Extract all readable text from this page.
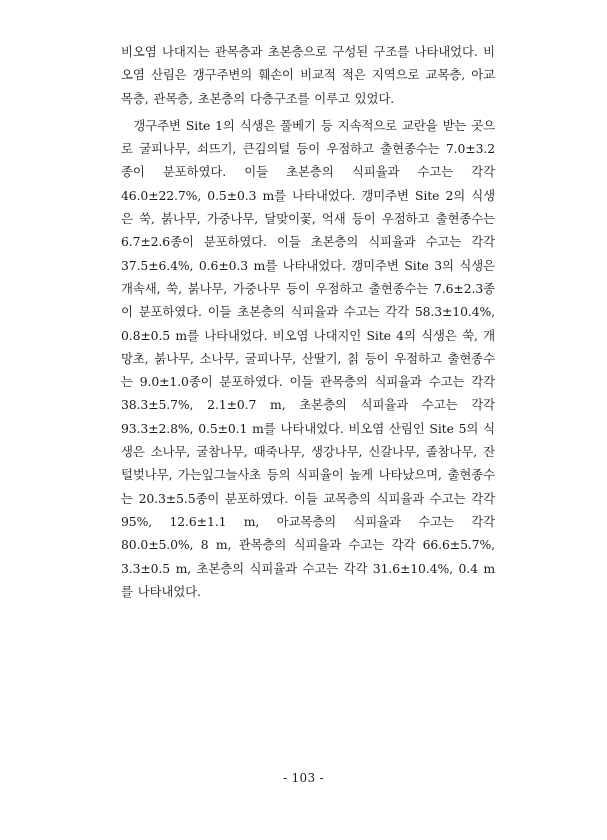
비오염 나대지는 관목층과 초본층으로 구성된 구조를 나타내었다. 비오염 산림은 갱구주변의 훼손이 비교적 적은 지역으로 교목층, 아교목층, 관목층, 초본층의 다층구조를 이루고 있었다.

갱구주변 Site 1의 식생은 풀베기 등 지속적으로 교란을 받는 곳으로 굴피나무, 쇠뜨기, 큰김의털 등이 우점하고 출현종수는 7.0±3.2종이 분포하였다. 이들 초본층의 식피율과 수고는 각각 46.0±22.7%, 0.5±0.3 m를 나타내었다. 갱미주변 Site 2의 식생은 쑥, 붉나무, 가중나무, 달맞이꽃, 억새 등이 우점하고 출현종수는 6.7±2.6종이 분포하였다. 이들 초본층의 식피율과 수고는 각각 37.5±6.4%, 0.6±0.3 m를 나타내었다. 갱미주변 Site 3의 식생은 개속새, 쑥, 붉나무, 가중나무 등이 우점하고 출현종수는 7.6±2.3종이 분포하였다. 이들 초본층의 식피율과 수고는 각각 58.3±10.4%, 0.8±0.5 m를 나타내었다. 비오염 나대지인 Site 4의 식생은 쑥, 개망초, 붉나무, 소나무, 굴피나무, 산딸기, 칡 등이 우점하고 출현종수는 9.0±1.0종이 분포하였다. 이들 관목층의 식피율과 수고는 각각 38.3±5.7%, 2.1±0.7 m, 초본층의 식피율과 수고는 각각 93.3±2.8%, 0.5±0.1 m를 나타내었다. 비오염 산림인 Site 5의 식생은 소나무, 굴참나무, 때죽나무, 생강나무, 신갈나무, 졸참나무, 잔털벚나무, 가는잎그늘사초 등의 식피율이 높게 나타났으며, 출현종수는 20.3±5.5종이 분포하였다. 이들 교목층의 식피율과 수고는 각각 95%, 12.6±1.1 m, 아교목층의 식피율과 수고는 각각 80.0±5.0%, 8 m, 관목층의 식피율과 수고는 각각 66.6±5.7%, 3.3±0.5 m, 초본층의 식피율과 수고는 각각 31.6±10.4%, 0.4 m를 나타내었다.

- 103 -
